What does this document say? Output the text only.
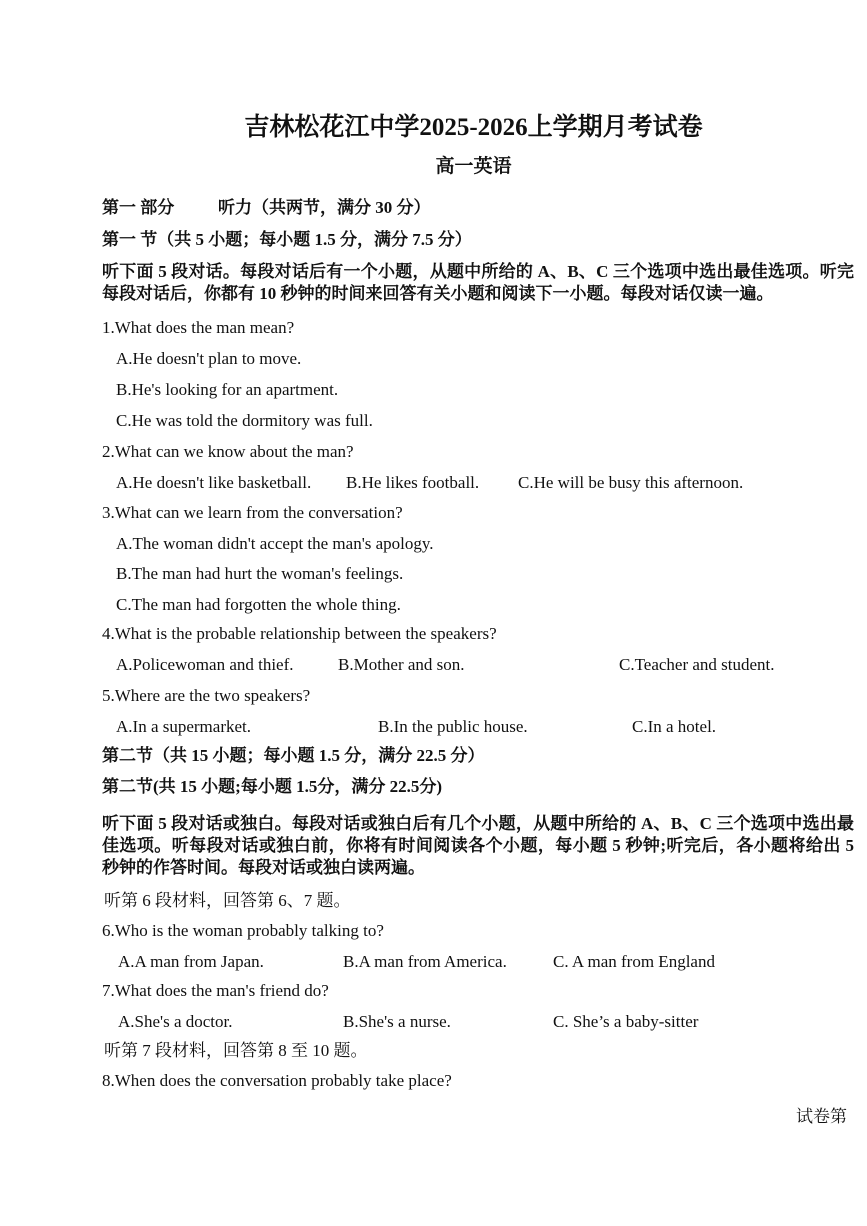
吉林松花江中学2025-2026上学期月考试卷
高一英语
第一 部分	听力（共两节，满分 30 分）
第一 节（共 5 小题；每小题 1.5 分，满分 7.5 分）
听下面 5 段对话。每段对话后有一个小题，从题中所给的 A、B、C 三个选项中选出最佳选项。听完每段对话后，你都有 10 秒钟的时间来回答有关小题和阅读下一小题。每段对话仅读一遍。
1.What does the man mean?
A.He doesn't plan to move.
B.He's looking for an apartment.
C.He was told the dormitory was full.
2.What can we know about the man?
A.He doesn't like basketball. B.He likes football. C.He will be busy this afternoon.
3.What can we learn from the conversation?
A.The woman didn't accept the man's apology.
B.The man had hurt the woman's feelings.
C.The man had forgotten the whole thing.
4.What is the probable relationship between the speakers?
A.Policewoman and thief.	B.Mother and son.	C.Teacher and student.
5.Where are the two speakers?
A.In a supermarket.	B.In the public house.	C.In a hotel.
第二节（共 15 小题；每小题 1.5 分，满分 22.5 分）
第二节(共 15 小题;每小题 1.5分，满分 22.5分)
听下面 5 段对话或独白。每段对话或独白后有几个小题，从题中所给的 A、B、C 三个选项中选出最佳选项。听每段对话或独白前，你将有时间阅读各个小题，每小题 5 秒钟;听完后，各小题将给出 5 秒钟的作答时间。每段对话或独白读两遍。
听第 6 段材料，回答第 6、7 题。
6.Who is the woman probably talking to?
A.A man from Japan.	B.A man from America.	C. A man from England
7.What does the man's friend do?
A.She's a doctor.	B.She's a nurse.	C. She’s a baby-sitter
听第 7 段材料，回答第 8 至 10 题。
8.When does the conversation probably take place?
试卷第
